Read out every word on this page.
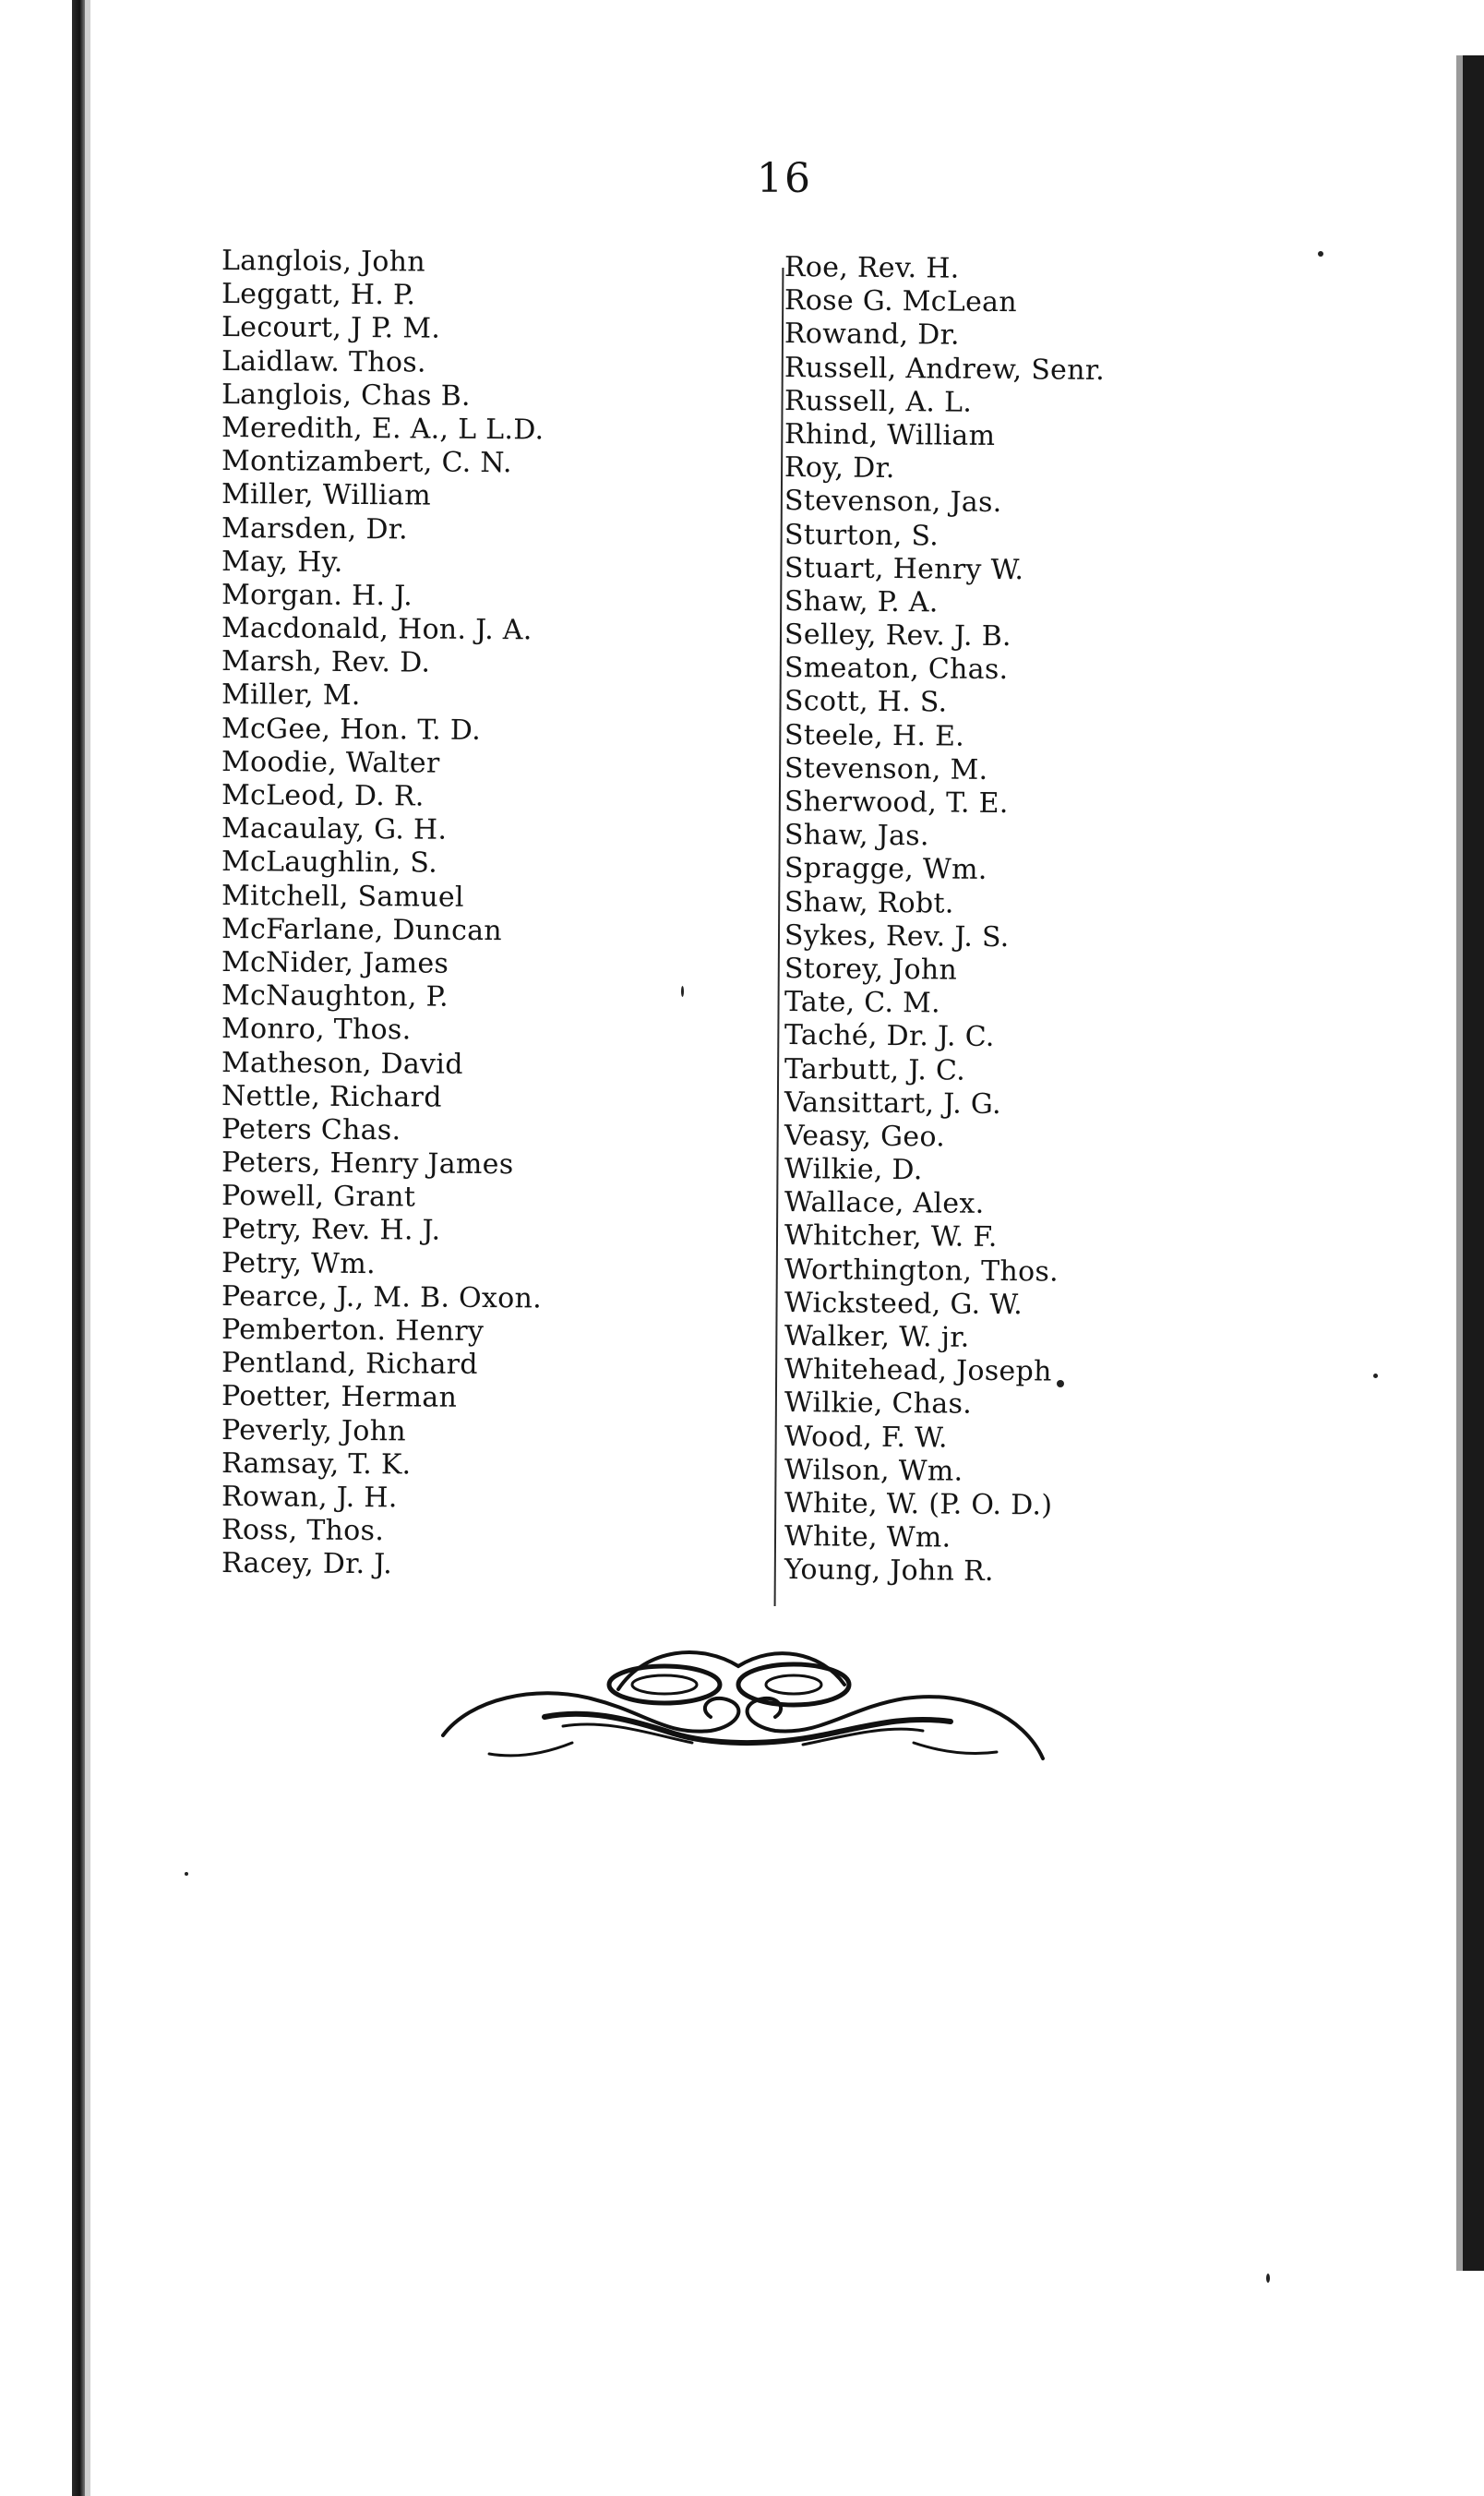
16
Langlois, John
Leggatt, H. P.
Lecourt, J P. M.
Laidlaw. Thos.
Langlois, Chas B.
Meredith, E. A., L L.D.
Montizambert, C. N.
Miller, William
Marsden, Dr.
May, Hy.
Morgan. H. J.
Macdonald, Hon. J. A.
Marsh, Rev. D.
Miller, M.
McGee, Hon. T. D.
Moodie, Walter
McLeod, D. R.
Macaulay, G. H.
McLaughlin, S.
Mitchell, Samuel
McFarlane, Duncan
McNider, James
McNaughton, P.
Monro, Thos.
Matheson, David
Nettle, Richard
Peters Chas.
Peters, Henry James
Powell, Grant
Petry, Rev. H. J.
Petry, Wm.
Pearce, J., M. B. Oxon.
Pemberton. Henry
Pentland, Richard
Poetter, Herman
Peverly, John
Ramsay, T. K.
Rowan, J. H.
Ross, Thos.
Racey, Dr. J.
Roe, Rev. H.
Rose G. McLean
Rowand, Dr.
Russell, Andrew, Senr.
Russell, A. L.
Rhind, William
Roy, Dr.
Stevenson, Jas.
Sturton, S.
Stuart, Henry W.
Shaw, P. A.
Selley, Rev. J. B.
Smeaton, Chas.
Scott, H. S.
Steele, H. E.
Stevenson, M.
Sherwood, T. E.
Shaw, Jas.
Spragge, Wm.
Shaw, Robt.
Sykes, Rev. J. S.
Storey, John
Tate, C. M.
Taché, Dr. J. C.
Tarbutt, J. C.
Vansittart, J. G.
Veasy, Geo.
Wilkie, D.
Wallace, Alex.
Whitcher, W. F.
Worthington, Thos.
Wicksteed, G. W.
Walker, W. jr.
Whitehead, Joseph
Wilkie, Chas.
Wood, F. W.
Wilson, Wm.
White, W. (P. O. D.)
White, Wm.
Young, John R.
